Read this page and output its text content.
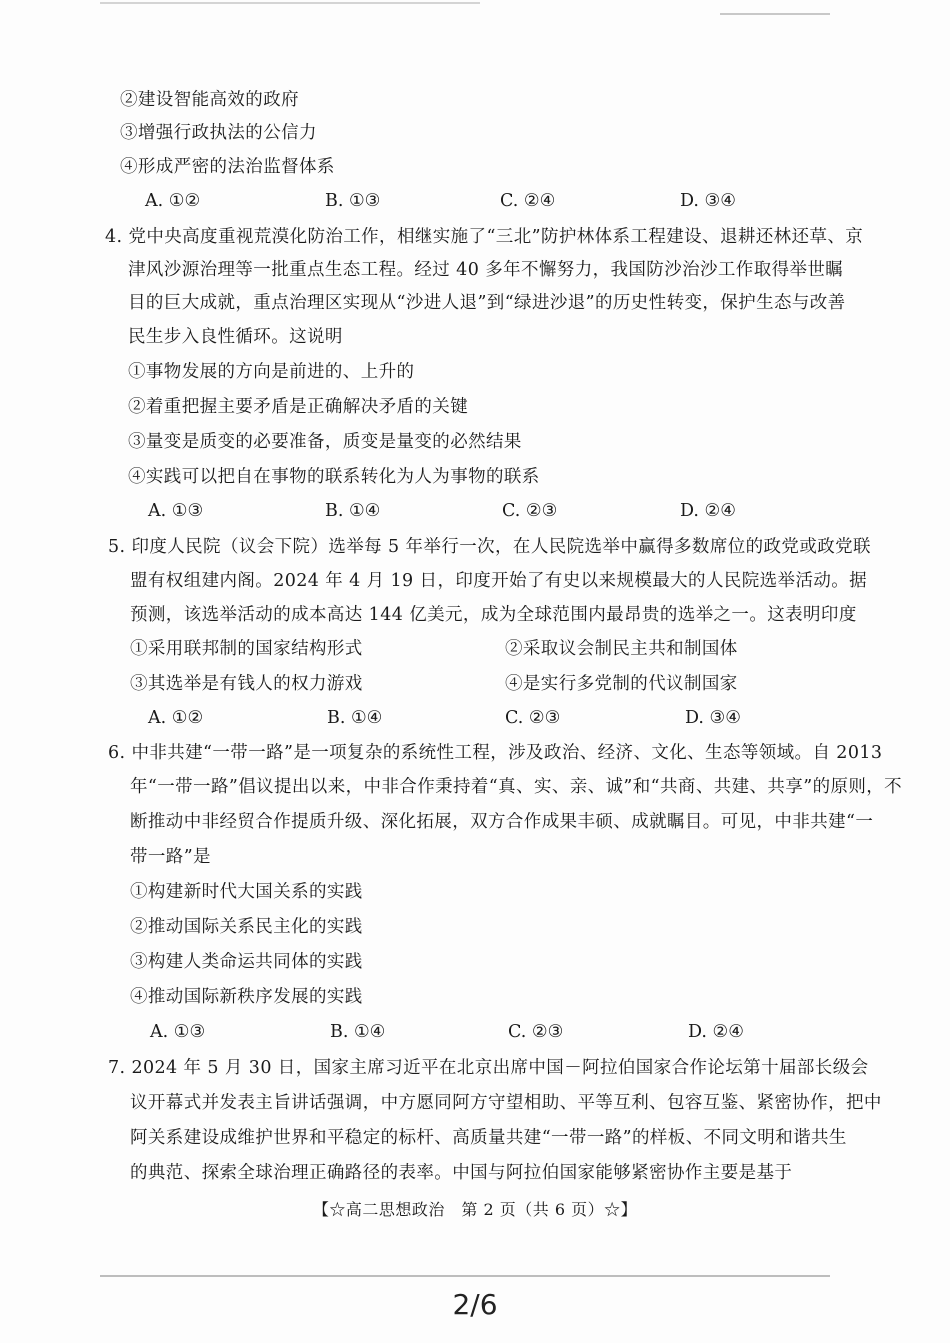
②建设智能高效的政府
③增强行政执法的公信力
④形成严密的法治监督体系
A. ①②	B. ①③	C. ②④	D. ③④
4. 党中央高度重视荒漠化防治工作，相继实施了“三北”防护林体系工程建设、退耕还林还草、京
津风沙源治理等一批重点生态工程。经过 40 多年不懈努力，我国防沙治沙工作取得举世瞩
目的巨大成就，重点治理区实现从“沙进人退”到“绿进沙退”的历史性转变，保护生态与改善
民生步入良性循环。这说明
①事物发展的方向是前进的、上升的
②着重把握主要矛盾是正确解决矛盾的关键
③量变是质变的必要准备，质变是量变的必然结果
④实践可以把自在事物的联系转化为人为事物的联系
A. ①③	B. ①④	C. ②③	D. ②④
5. 印度人民院（议会下院）选举每 5 年举行一次，在人民院选举中赢得多数席位的政党或政党联
盟有权组建内阁。2024 年 4 月 19 日，印度开始了有史以来规模最大的人民院选举活动。据
预测，该选举活动的成本高达 144 亿美元，成为全球范围内最昂贵的选举之一。这表明印度
①采用联邦制的国家结构形式	②采取议会制民主共和制国体
③其选举是有钱人的权力游戏	④是实行多党制的代议制国家
A. ①②	B. ①④	C. ②③	D. ③④
6. 中非共建“一带一路”是一项复杂的系统性工程，涉及政治、经济、文化、生态等领域。自 2013
年“一带一路”倡议提出以来，中非合作秉持着“真、实、亲、诚”和“共商、共建、共享”的原则，不
断推动中非经贸合作提质升级、深化拓展，双方合作成果丰硕、成就瞩目。可见，中非共建“一
带一路”是
①构建新时代大国关系的实践
②推动国际关系民主化的实践
③构建人类命运共同体的实践
④推动国际新秩序发展的实践
A. ①③	B. ①④	C. ②③	D. ②④
7. 2024 年 5 月 30 日，国家主席习近平在北京出席中国－阿拉伯国家合作论坛第十届部长级会
议开幕式并发表主旨讲话强调，中方愿同阿方守望相助、平等互利、包容互鉴、紧密协作，把中
阿关系建设成维护世界和平稳定的标杆、高质量共建“一带一路”的样板、不同文明和谐共生
的典范、探索全球治理正确路径的表率。中国与阿拉伯国家能够紧密协作主要是基于
【☆高二思想政治　第 2 页（共 6 页）☆】
2/6
